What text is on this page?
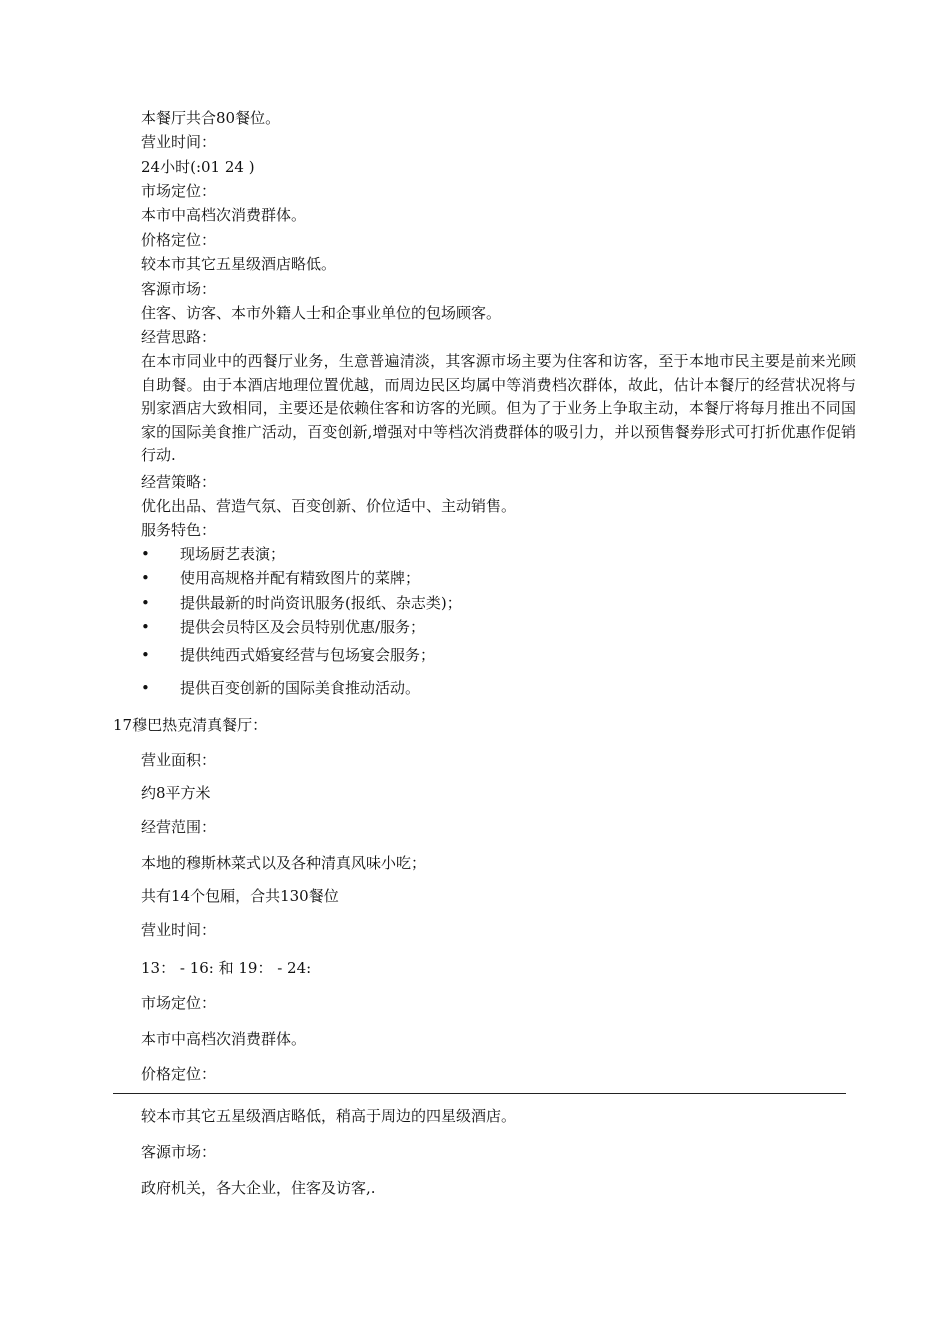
本餐厅共合80餐位。
营业时间：
24小时(:01 24 )
市场定位：
本市中高档次消费群体。
价格定位：
较本市其它五星级酒店略低。
客源市场：
住客、访客、本市外籍人士和企事业单位的包场顾客。
经营思路：
在本市同业中的西餐厅业务，生意普遍清淡，其客源市场主要为住客和访客，至于本地市民主要是前来光顾自助餐。由于本酒店地理位置优越，而周边民区均属中等消费档次群体，故此，估计本餐厅的经营状况将与别家酒店大致相同，主要还是依赖住客和访客的光顾。但为了于业务上争取主动，本餐厅将每月推出不同国家的国际美食推广活动，百变创新,增强对中等档次消费群体的吸引力，并以预售餐券形式可打折优惠作促销行动.
经营策略：
优化出品、营造气氛、百变创新、价位适中、主动销售。
服务特色：
• 现场厨艺表演；
• 使用高规格并配有精致图片的菜牌；
• 提供最新的时尚资讯服务(报纸、杂志类)；
• 提供会员特区及会员特别优惠/服务；
• 提供纯西式婚宴经营与包场宴会服务；
• 提供百变创新的国际美食推动活动。
17穆巴热克清真餐厅：
营业面积：
约8平方米
经营范围：
本地的穆斯林菜式以及各种清真风味小吃；
共有14个包厢，合共130餐位
营业时间：
13： - 16: 和 19： - 24:
市场定位：
本市中高档次消费群体。
价格定位：
较本市其它五星级酒店略低，稍高于周边的四星级酒店。
客源市场：
政府机关，各大企业，住客及访客,.
